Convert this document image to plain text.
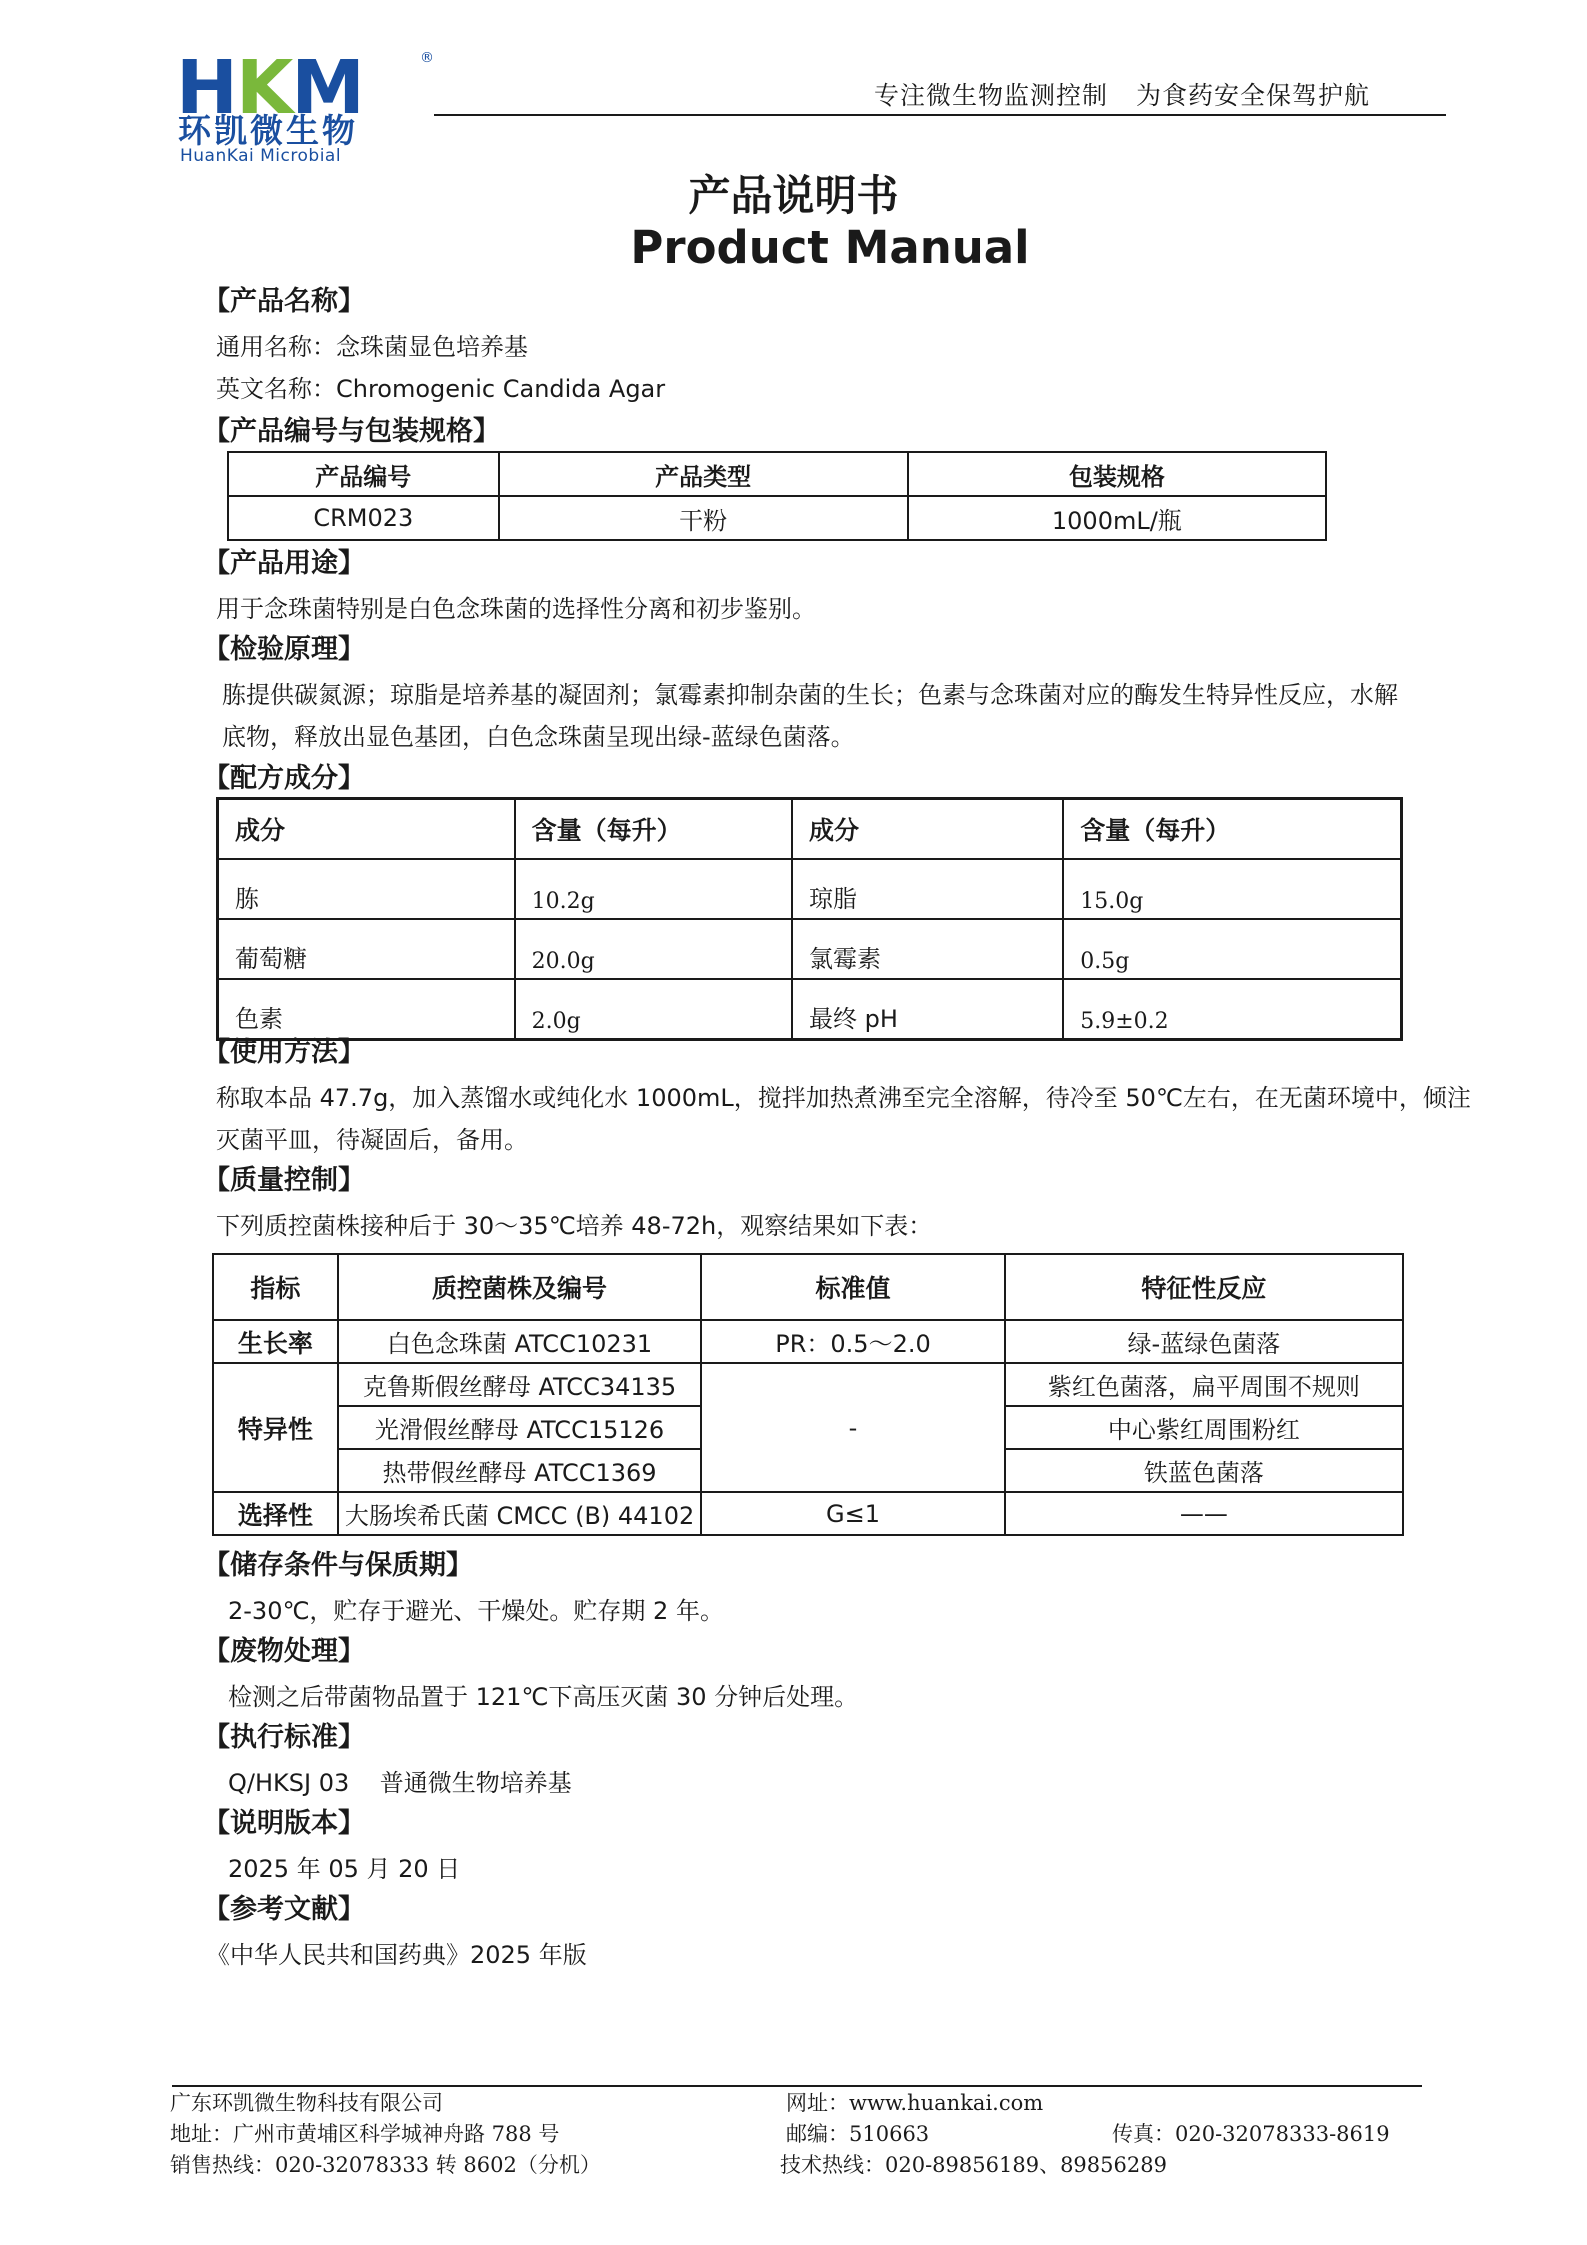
HKM	®
环凯微生物
HuanKai Microbial
专注微生物监测控制 为食药安全保驾护航
产品说明书
Product Manual
【产品名称】
通用名称：念珠菌显色培养基
英文名称：Chromogenic Candida Agar
【产品编号与包装规格】
产品编号	产品类型	包装规格
CRM023	干粉	1000mL/瓶
【产品用途】
用于念珠菌特别是白色念珠菌的选择性分离和初步鉴别。
【检验原理】
胨提供碳氮源；琼脂是培养基的凝固剂；氯霉素抑制杂菌的生长；色素与念珠菌对应的酶发生特异性反应，水解
底物，释放出显色基团，白色念珠菌呈现出绿-蓝绿色菌落。
【配方成分】
成分	含量（每升）	成分	含量（每升）
胨	10.2g	琼脂	15.0g
葡萄糖	20.0g	氯霉素	0.5g
色素	2.0g	最终 pH	5.9±0.2
【使用方法】
称取本品 47.7g，加入蒸馏水或纯化水 1000mL，搅拌加热煮沸至完全溶解，待冷至 50℃左右，在无菌环境中，倾注
灭菌平皿，待凝固后，备用。
【质量控制】
下列质控菌株接种后于 30～35℃培养 48-72h，观察结果如下表：
指标	质控菌株及编号	标准值	特征性反应
生长率	白色念珠菌 ATCC10231	PR：0.5～2.0	绿-蓝绿色菌落
特异性	克鲁斯假丝酵母 ATCC34135	-	紫红色菌落，扁平周围不规则
	光滑假丝酵母 ATCC15126		中心紫红周围粉红
	热带假丝酵母 ATCC1369		铁蓝色菌落
选择性	大肠埃希氏菌 CMCC (B) 44102	G≤1	——
【储存条件与保质期】
2-30℃，贮存于避光、干燥处。贮存期 2 年。
【废物处理】
检测之后带菌物品置于 121℃下高压灭菌 30 分钟后处理。
【执行标准】
Q/HKSJ 03    普通微生物培养基
【说明版本】
2025 年 05 月 20 日
【参考文献】
《中华人民共和国药典》2025 年版
广东环凯微生物科技有限公司
地址：广州市黄埔区科学城神舟路 788 号
销售热线：020-32078333 转 8602（分机）
网址：www.huankai.com
邮编：510663
技术热线：020-89856189、89856289
传真：020-32078333-8619
